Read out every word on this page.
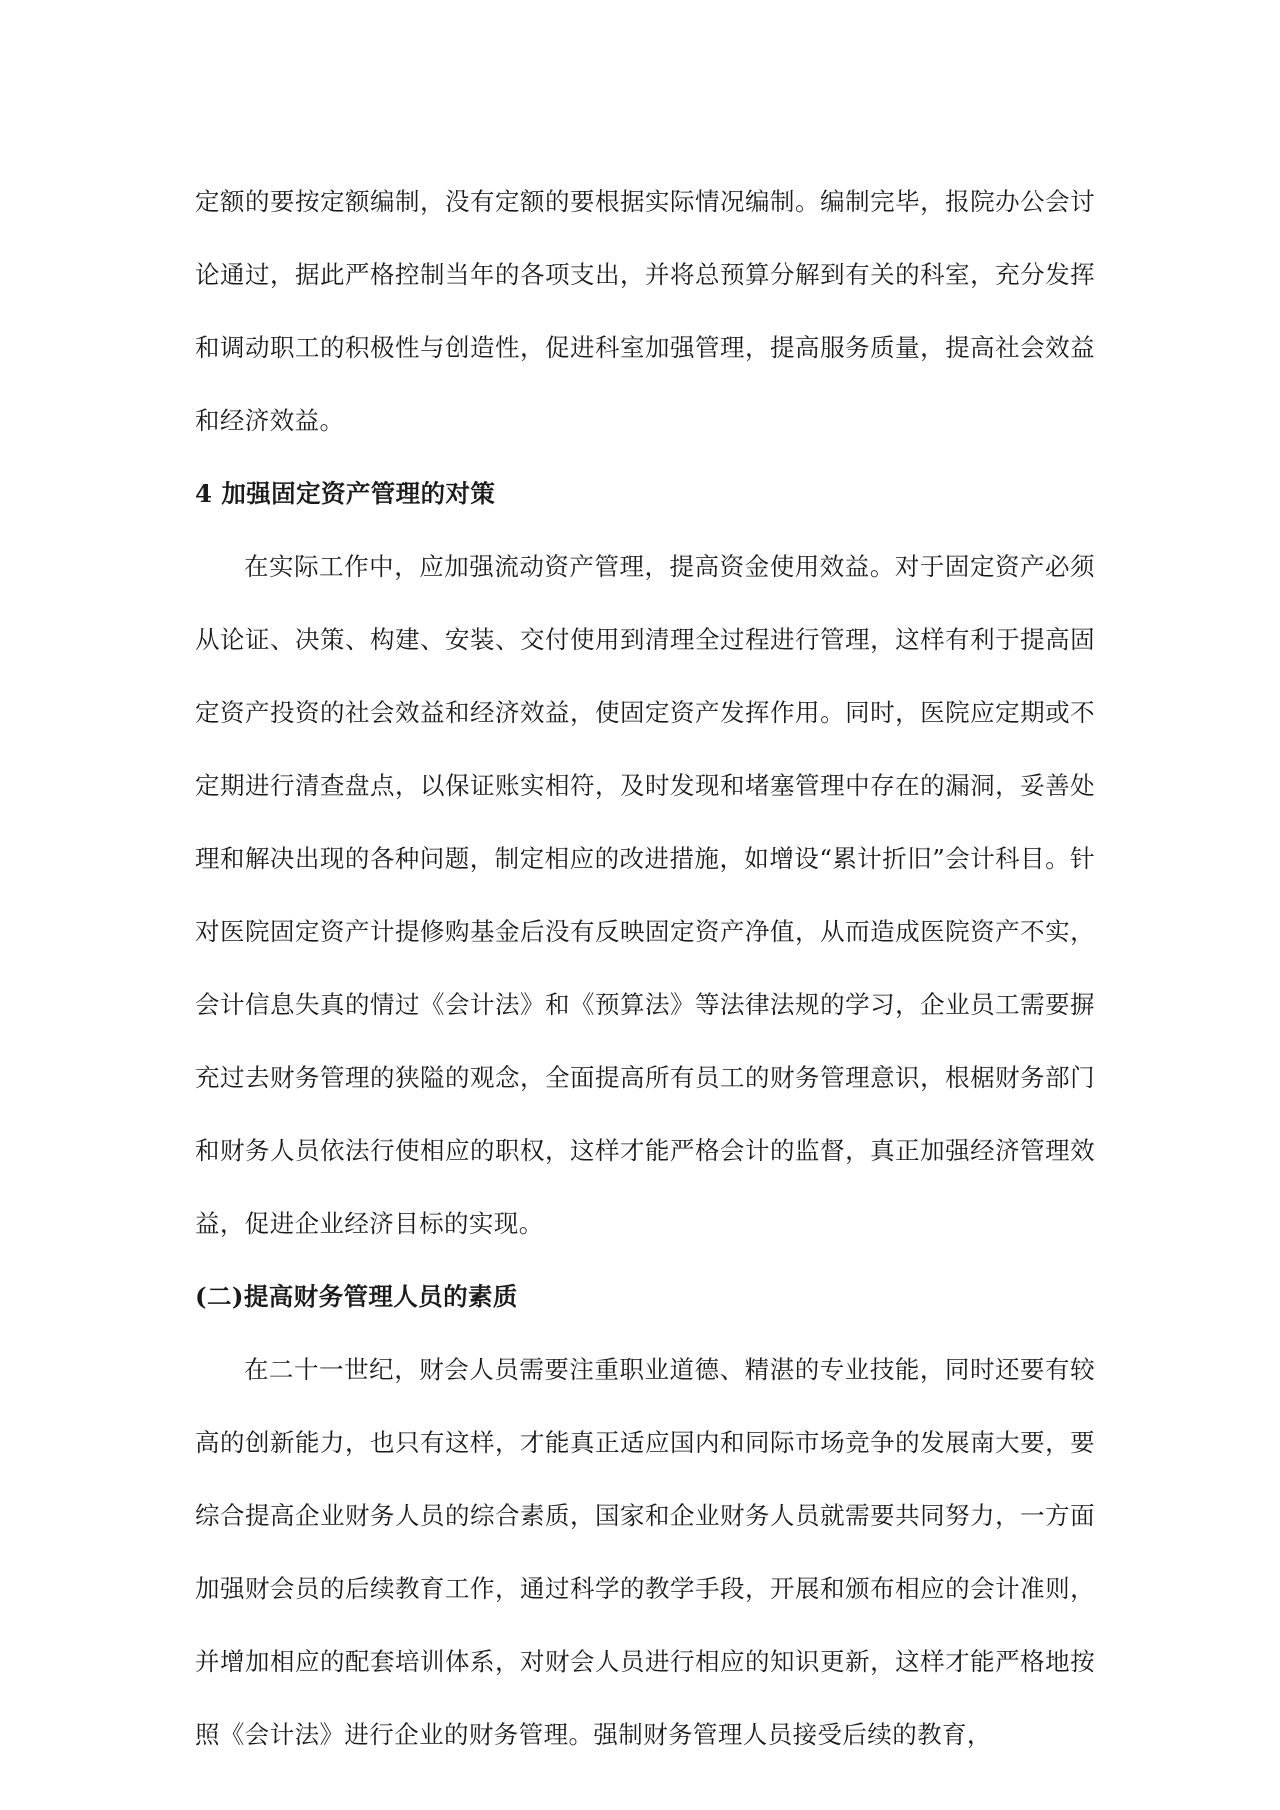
定额的要按定额编制，没有定额的要根据实际情况编制。编制完毕，报院办公会讨论通过，据此严格控制当年的各项支出，并将总预算分解到有关的科室，充分发挥和调动职工的积极性与创造性，促进科室加强管理，提高服务质量，提高社会效益和经济效益。

4 加强固定资产管理的对策

在实际工作中，应加强流动资产管理，提高资金使用效益。对于固定资产必须从论证、决策、构建、安装、交付使用到清理全过程进行管理，这样有利于提高固定资产投资的社会效益和经济效益，使固定资产发挥作用。同时，医院应定期或不定期进行清查盘点，以保证账实相符，及时发现和堵塞管理中存在的漏洞，妥善处理和解决出现的各种问题，制定相应的改进措施，如增设“累计折旧”会计科目。针对医院固定资产计提修购基金后没有反映固定资产净值，从而造成医院资产不实，会计信息失真的情过《会计法》和《预算法》等法律法规的学习，企业员工需要摒充过去财务管理的狭隘的观念，全面提高所有员工的财务管理意识，根椐财务部门和财务人员依法行使相应的职权，这样才能严格会计的监督，真正加强经济管理效益，促进企业经济目标的实现。

(二)提高财务管理人员的素质

在二十一世纪，财会人员需要注重职业道德、精湛的专业技能，同时还要有较高的创新能力，也只有这样，才能真正适应国内和同际市场竞争的发展南大要，要综合提高企业财务人员的综合素质，国家和企业财务人员就需要共同努力，一方面加强财会员的后续教育工作，通过科学的教学手段，开展和颁布相应的会计准则，并增加相应的配套培训体系，对财会人员进行相应的知识更新，这样才能严格地按照《会计法》进行企业的财务管理。强制财务管理人员接受后续的教育，
